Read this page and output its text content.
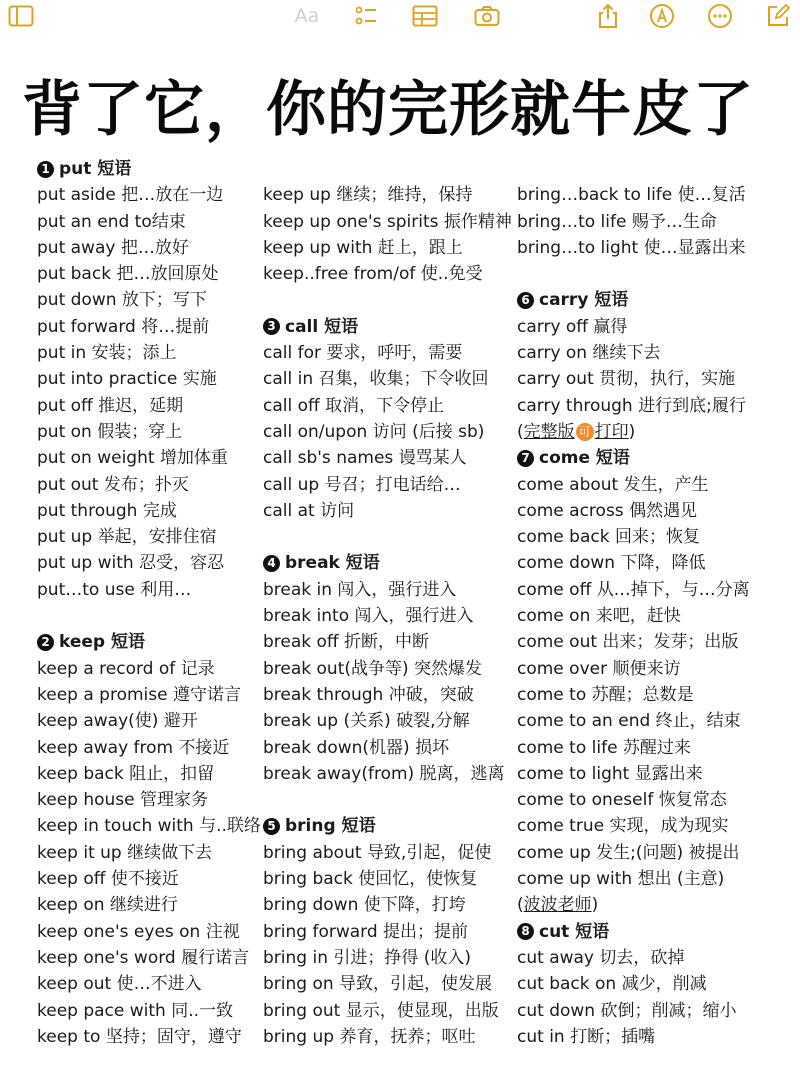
Aa
背了它，你的完形就牛皮了
1 put 短语
put aside 把…放在一边
put an end to结束
put away 把…放好
put back 把…放回原处
put down 放下；写下
put forward 将…提前
put in 安装；添上
put into practice 实施
put off 推迟，延期
put on 假装；穿上
put on weight 增加体重
put out 发布；扑灭
put through 完成
put up 举起，安排住宿
put up with 忍受，容忍
put…to use 利用…
2 keep 短语
keep a record of 记录
keep a promise 遵守诺言
keep away(使) 避开
keep away from 不接近
keep back 阻止，扣留
keep house 管理家务
keep in touch with 与..联络
keep it up 继续做下去
keep off 使不接近
keep on 继续进行
keep one's eyes on 注视
keep one's word 履行诺言
keep out 使…不进入
keep pace with 同..一致
keep to 坚持；固守，遵守
keep up 继续；维持，保持
keep up one's spirits 振作精神
keep up with 赶上，跟上
keep..free from/of 使..免受
3 call 短语
call for 要求，呼吁，需要
call in 召集，收集；下令收回
call off 取消，下令停止
call on/upon 访问 (后接 sb)
call sb's names 谩骂某人
call up 号召；打电话给…
call at 访问
4 break 短语
break in 闯入，强行进入
break into 闯入，强行进入
break off 折断，中断
break out(战争等) 突然爆发
break through 冲破，突破
break up (关系) 破裂,分解
break down(机器) 损坏
break away(from) 脱离，逃离
5 bring 短语
bring about 导致,引起，促使
bring back 使回忆，使恢复
bring down 使下降，打垮
bring forward 提出；提前
bring in 引进；挣得 (收入)
bring on 导致，引起，使发展
bring out 显示，使显现，出版
bring up 养育，抚养；呕吐
bring…back to life 使…复活
bring…to life 赐予…生命
bring…to light 使…显露出来
6 carry 短语
carry off 赢得
carry on 继续下去
carry out 贯彻，执行，实施
carry through 进行到底;履行
(完整版 可 打印)
7 come 短语
come about 发生，产生
come across 偶然遇见
come back 回来；恢复
come down 下降，降低
come off 从…掉下，与…分离
come on 来吧，赶快
come out 出来；发芽；出版
come over 顺便来访
come to 苏醒；总数是
come to an end 终止，结束
come to life 苏醒过来
come to light 显露出来
come to oneself 恢复常态
come true 实现，成为现实
come up 发生;(问题) 被提出
come up with 想出 (主意)
(波波老师)
8 cut 短语
cut away 切去，砍掉
cut back on 减少，削减
cut down 砍倒；削减；缩小
cut in 打断；插嘴
